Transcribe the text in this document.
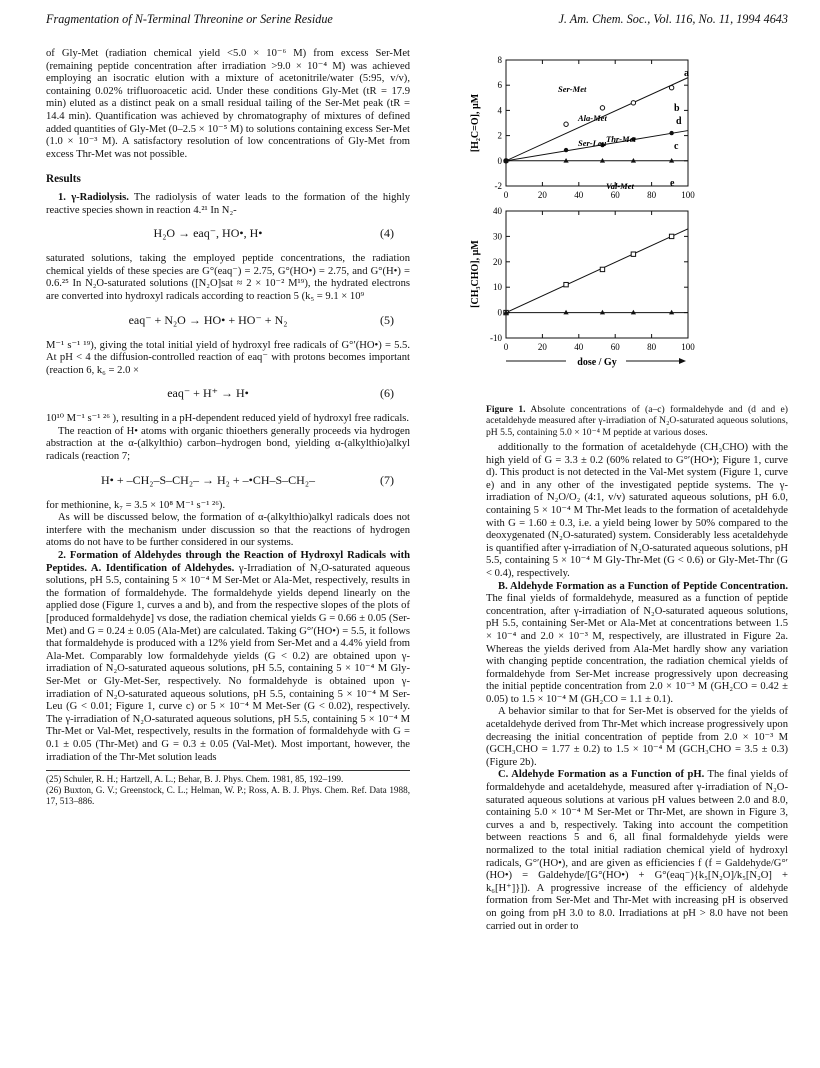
Fragmentation of N-Terminal Threonine or Serine Residue	J. Am. Chem. Soc., Vol. 116, No. 11, 1994 4643

of Gly-Met (radiation chemical yield <5.0 × 10⁻⁶ M) from excess Ser-Met (remaining peptide concentration after irradiation >9.0 × 10⁻⁴ M) was achieved employing an isocratic elution with a mixture of acetonitrile/water (5:95, v/v), containing 0.02% trifluoroacetic acid. Under these conditions Gly-Met (tR = 17.9 min) eluted as a distinct peak on a small residual tailing of the Ser-Met peak (tR = 14.4 min). Quantification was achieved by chromatography of mixtures of defined added quantities of Gly-Met (0–2.5 × 10⁻⁵ M) to solutions containing excess Ser-Met (1.0 × 10⁻³ M). A satisfactory resolution of low concentrations of Gly-Met from excess Thr-Met was not possible.

Results

1. γ-Radiolysis. The radiolysis of water leads to the formation of the highly reactive species shown in reaction 4.²¹ In N₂-

H₂O → eaq⁻, HO•, H•	(4)

saturated solutions, taking the employed peptide concentrations, the radiation chemical yields of these species are G°(eaq⁻) = 2.75, G°(HO•) = 2.75, and G°(H•) = 0.6.²⁵ In N₂O-saturated solutions ([N₂O]sat ≈ 2 × 10⁻² M¹⁹), the hydrated electrons are converted into hydroxyl radicals according to reaction 5 (k₅ = 9.1 × 10⁹

eaq⁻ + N₂O → HO• + HO⁻ + N₂	(5)

M⁻¹ s⁻¹ ¹⁹), giving the total initial yield of hydroxyl free radicals of G°′(HO•) = 5.5. At pH < 4 the diffusion-controlled reaction of eaq⁻ with protons becomes important (reaction 6, k₆ = 2.0 ×

eaq⁻ + H⁺ → H•	(6)

10¹⁰ M⁻¹ s⁻¹ ²⁶ ), resulting in a pH-dependent reduced yield of hydroxyl free radicals.

The reaction of H• atoms with organic thioethers generally proceeds via hydrogen abstraction at the α-(alkylthio) carbon–hydrogen bond, yielding α-(alkylthio)alkyl radicals (reaction 7;

H• + –CH₂–S–CH₂– → H₂ + –•CH–S–CH₂–	(7)

for methionine, k₇ = 3.5 × 10⁸ M⁻¹ s⁻¹ ²⁶).

As will be discussed below, the formation of α-(alkylthio)alkyl radicals does not interfere with the mechanism under discussion so that the reactions of hydrogen atoms do not have to be further considered in our systems.

2. Formation of Aldehydes through the Reaction of Hydroxyl Radicals with Peptides. A. Identification of Aldehydes. γ-Irradiation of N₂O-saturated aqueous solutions, pH 5.5, containing 5 × 10⁻⁴ M Ser-Met or Ala-Met, respectively, results in the formation of formaldehyde. The formaldehyde yields depend linearly on the applied dose (Figure 1, curves a and b), and from the respective slopes of the plots of [produced formaldehyde] vs dose, the radiation chemical yields G = 0.66 ± 0.05 (Ser-Met) and G = 0.24 ± 0.05 (Ala-Met) are calculated. Taking G°′(HO•) = 5.5, it follows that formaldehyde is produced with a 12% yield from Ser-Met and a 4.4% yield from Ala-Met. Comparably low formaldehyde yields (G < 0.2) are obtained upon γ-irradiation of N₂O-saturated aqueous solutions, pH 5.5, containing 5 × 10⁻⁴ M Gly-Ser-Met or Gly-Met-Ser, respectively. No formaldehyde is obtained upon γ-irradiation of N₂O-saturated aqueous solutions, pH 5.5, containing 5 × 10⁻⁴ M Ser-Leu (G < 0.01; Figure 1, curve c) or 5 × 10⁻⁴ M Met-Ser (G < 0.02), respectively. The γ-irradiation of N₂O-saturated aqueous solutions, pH 5.5, containing 5 × 10⁻⁴ M Thr-Met or Val-Met, respectively, results in the formation of formaldehyde with G = 0.1 ± 0.05 (Thr-Met) and G = 0.3 ± 0.05 (Val-Met). Most important, however, the irradiation of the Thr-Met solution leads

(25) Schuler, R. H.; Hartzell, A. L.; Behar, B. J. Phys. Chem. 1981, 85, 192–199.

(26) Buxton, G. V.; Greenstock, C. L.; Helman, W. P.; Ross, A. B. J. Phys. Chem. Ref. Data 1988, 17, 513–886.

-2
0
2
4
6
8
0	20	40	60	80	100
[H₂C=O], µM
Ser-Met
a
Ala-Met
b
Ser-Leu	c
-10
0
10
20
30
40
0	20	40	60	80	100
[CH₃CHO], µM
Thr-Met
d
Val-Met	e
dose / Gy
Figure 1. Absolute concentrations of (a–c) formaldehyde and (d and e) acetaldehyde measured after γ-irradiation of N₂O-saturated aqueous solutions, pH 5.5, containing 5.0 × 10⁻⁴ M peptide at various doses.

additionally to the formation of acetaldehyde (CH₃CHO) with the high yield of G = 3.3 ± 0.2 (60% related to G°′(HO•); Figure 1, curve d). This product is not detected in the Val-Met system (Figure 1, curve e) and in any other of the investigated peptide systems. The γ-irradiation of N₂O/O₂ (4:1, v/v) saturated aqueous solutions, pH 6.0, containing 5 × 10⁻⁴ M Thr-Met leads to the formation of acetaldehyde with G = 1.60 ± 0.3, i.e. a yield being lower by 50% compared to the deoxygenated (N₂O-saturated) system. Considerably less acetaldehyde is quantified after γ-irradiation of N₂O-saturated aqueous solutions, pH 5.5, containing 5 × 10⁻⁴ M Gly-Thr-Met (G < 0.6) or Gly-Met-Thr (G < 0.4), respectively.

B. Aldehyde Formation as a Function of Peptide Concentration. The final yields of formaldehyde, measured as a function of peptide concentration, after γ-irradiation of N₂O-saturated aqueous solutions, pH 5.5, containing Ser-Met or Ala-Met at concentrations between 1.5 × 10⁻⁴ and 2.0 × 10⁻³ M, respectively, are illustrated in Figure 2a. Whereas the yields derived from Ala-Met hardly show any variation with changing peptide concentration, the radiation chemical yields of formaldehyde from Ser-Met increase progressively upon decreasing the initial peptide concentration from 2.0 × 10⁻³ M (GH₂CO = 0.42 ± 0.05) to 1.5 × 10⁻⁴ M (GH₂CO = 1.1 ± 0.1).

A behavior similar to that for Ser-Met is observed for the yields of acetaldehyde derived from Thr-Met which increase progressively upon decreasing the initial concentration of peptide from 2.0 × 10⁻³ M (GCH₃CHO = 1.77 ± 0.2) to 1.5 × 10⁻⁴ M (GCH₃CHO = 3.5 ± 0.3) (Figure 2b).

C. Aldehyde Formation as a Function of pH. The final yields of formaldehyde and acetaldehyde, measured after γ-irradiation of N₂O-saturated aqueous solutions at various pH values between 2.0 and 8.0, containing 5.0 × 10⁻⁴ M Ser-Met or Thr-Met, are shown in Figure 3, curves a and b, respectively. Taking into account the competition between reactions 5 and 6, all final formaldehyde yields were normalized to the total initial radiation chemical yield of hydroxyl radicals, G°′(HO•), and are given as efficiencies f (f = Galdehyde/G°′(HO•) = Galdehyde/[G°(HO•) + G°(eaq⁻){k₅[N₂O]/k₅[N₂O] + k₆[H⁺]}]). A progressive increase of the efficiency of aldehyde formation from Ser-Met and Thr-Met with increasing pH is observed on going from pH 3.0 to 8.0. Irradiations at pH > 8.0 have not been carried out in order to
